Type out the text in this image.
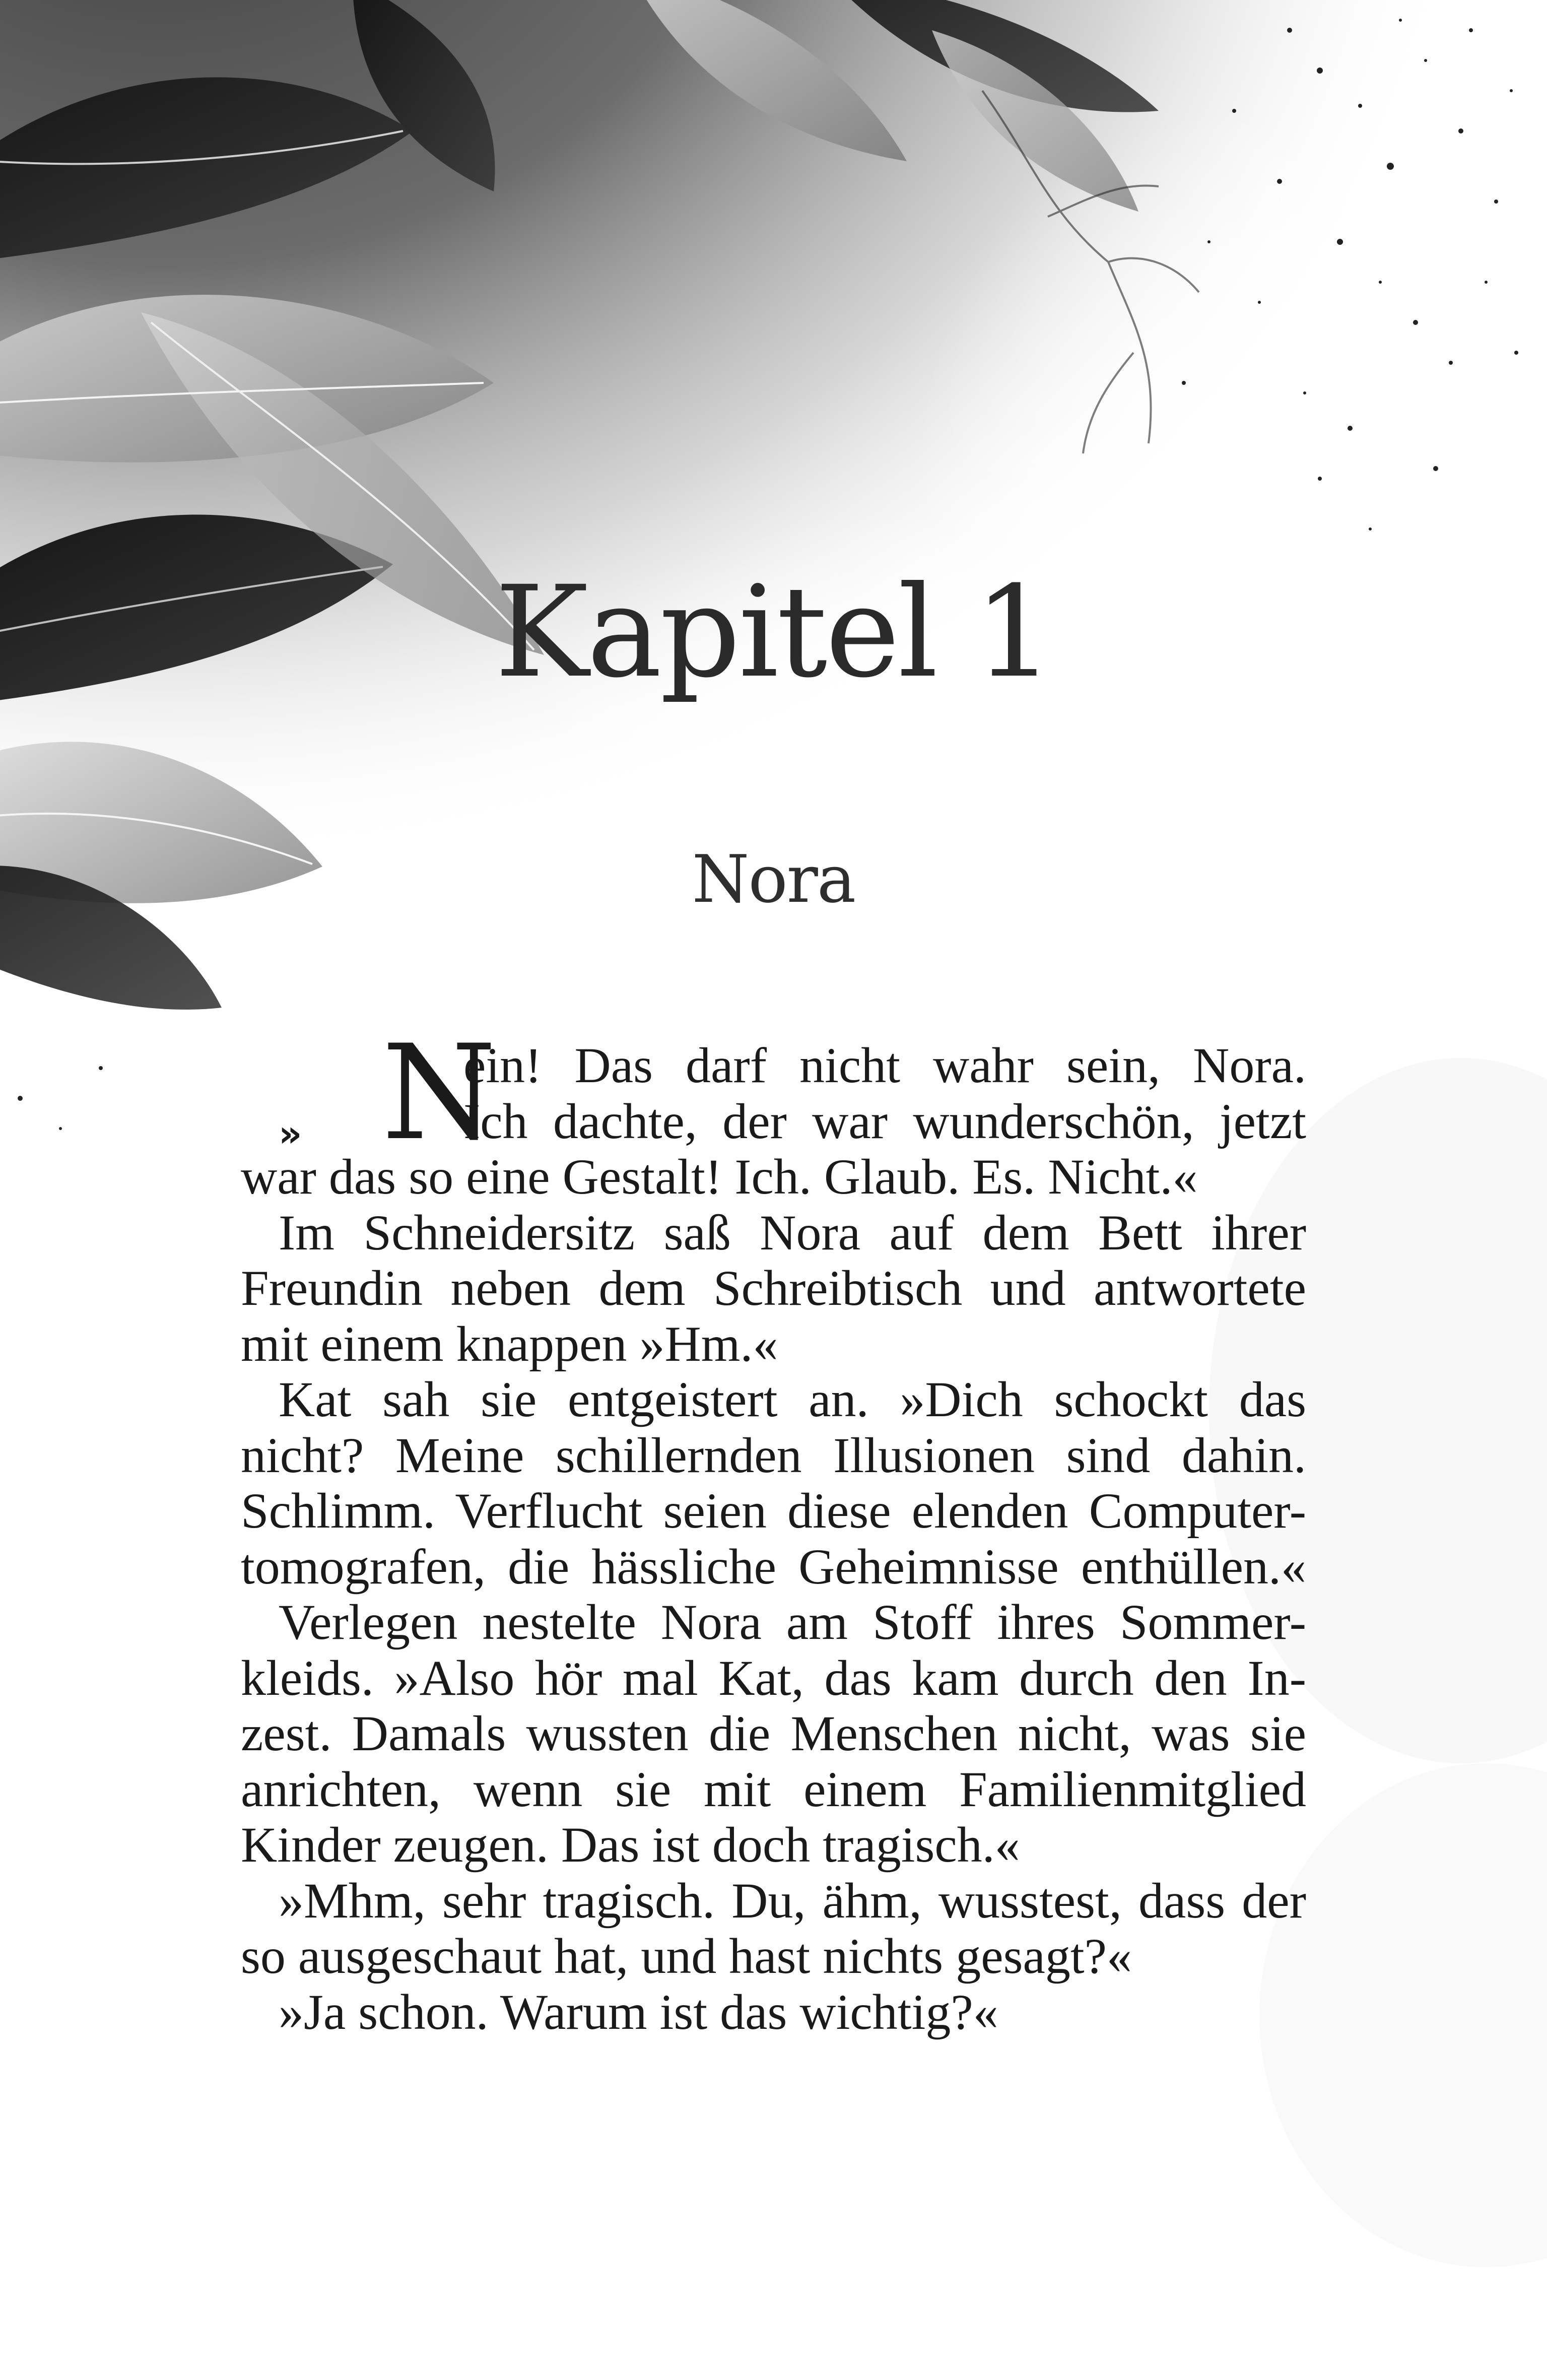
Kapitel 1
Nora
» N
ein! Das darf nicht wahr sein, Nora.
Ich dachte, der war wunderschön, jetzt
war das so eine Gestalt! Ich. Glaub. Es. Nicht.«
Im Schneidersitz saß Nora auf dem Bett ihrer
Freundin neben dem Schreibtisch und antwortete
mit einem knappen »Hm.«
Kat sah sie entgeistert an. »Dich schockt das
nicht? Meine schillernden Illusionen sind dahin.
Schlimm. Verflucht seien diese elenden Computer-
tomografen, die hässliche Geheimnisse enthüllen.«
Verlegen nestelte Nora am Stoff ihres Sommer-
kleids. »Also hör mal Kat, das kam durch den In-
zest. Damals wussten die Menschen nicht, was sie
anrichten, wenn sie mit einem Familienmitglied
Kinder zeugen. Das ist doch tragisch.«
»Mhm, sehr tragisch. Du, ähm, wusstest, dass der
so ausgeschaut hat, und hast nichts gesagt?«
»Ja schon. Warum ist das wichtig?«
